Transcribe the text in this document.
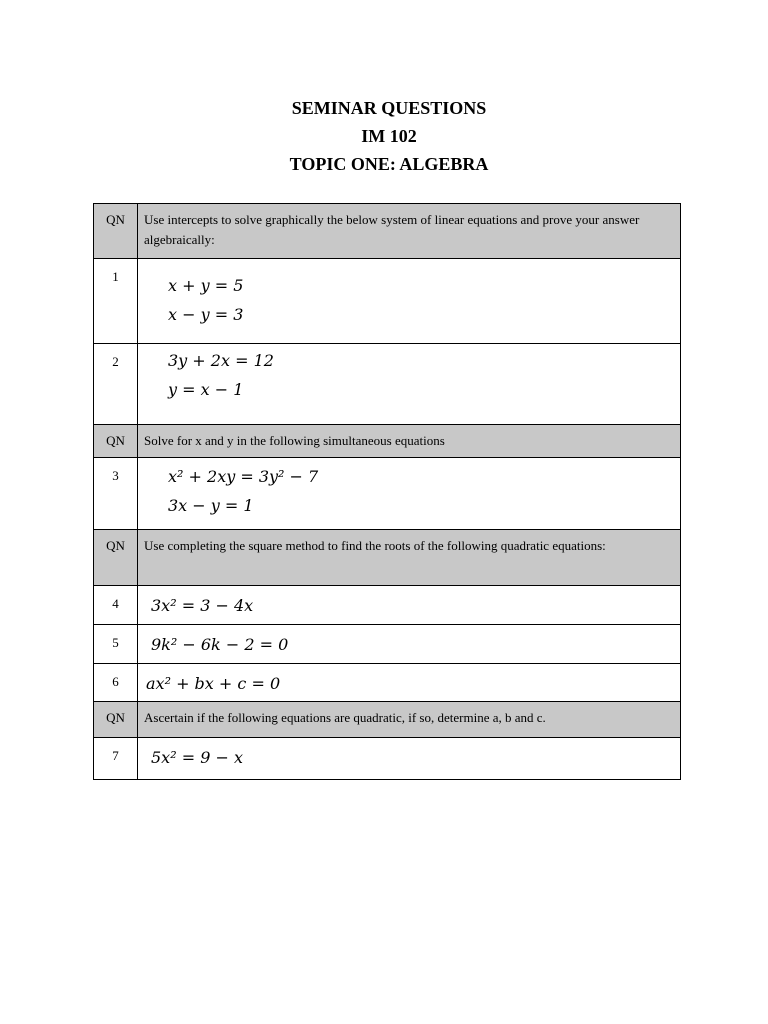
SEMINAR QUESTIONS
IM 102
TOPIC ONE: ALGEBRA
QN	Use intercepts to solve graphically the below system of linear equations and prove your answer algebraically:
1	x + y = 5
x − y = 3

2	3y + 2x = 12
y = x − 1

QN	Solve for x and y in the following simultaneous equations
3	x² + 2xy = 3y² − 7
3x − y = 1

QN	Use completing the square method to find the roots of the following quadratic equations:
4	3x² = 3 − 4x

5	9k² − 6k − 2 = 0

6	ax² + bx + c = 0

QN	Ascertain if the following equations are quadratic, if so, determine a, b and c.
7	5x² = 9 − x
